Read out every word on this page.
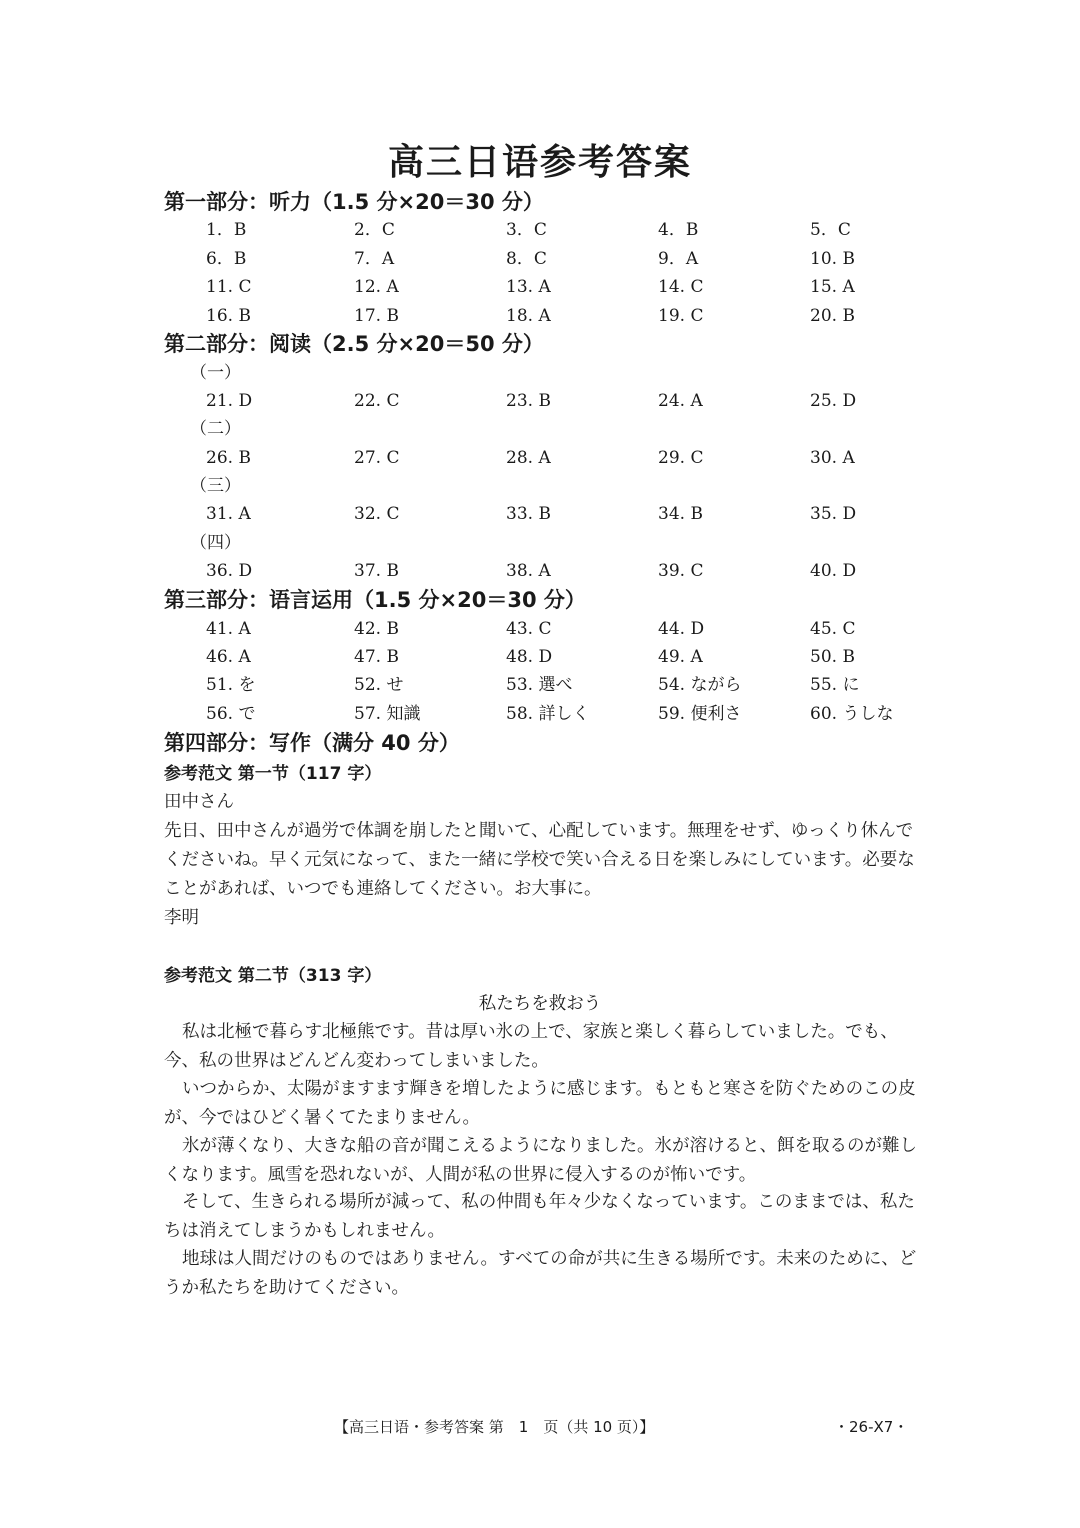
高三日语参考答案
第一部分：听力（1.5 分×20＝30 分）
1．B	2．C	3．C	4．B	5．C
6．B	7．A	8．C	9．A	10. B
11. C	12. A	13. A	14. C	15. A
16. B	17. B	18. A	19. C	20. B
第二部分：阅读（2.5 分×20＝50 分）
（一）
21. D	22. C	23. B	24. A	25. D
（二）
26. B	27. C	28. A	29. C	30. A
（三）
31. A	32. C	33. B	34. B	35. D
（四）
36. D	37. B	38. A	39. C	40. D
第三部分：语言运用（1.5 分×20＝30 分）
41. A	42. B	43. C	44. D	45. C
46. A	47. B	48. D	49. A	50. B
51. を	52. せ	53. 選べ	54. ながら	55. に
56. で	57. 知識	58. 詳しく	59. 便利さ	60. うしな
第四部分：写作（满分 40 分）
参考范文 第一节（117 字）

田中さん

先日、田中さんが過労で体調を崩したと聞いて、心配しています。無理をせず、ゆっくり休んでくださいね。早く元気になって、また一緒に学校で笑い合える日を楽しみにしています。必要なことがあれば、いつでも連絡してください。お大事に。

李明

参考范文 第二节（313 字）
私たちを救おう

私は北極で暮らす北極熊です。昔は厚い氷の上で、家族と楽しく暮らしていました。でも、今、私の世界はどんどん変わってしまいました。

いつからか、太陽がますます輝きを増したように感じます。もともと寒さを防ぐためのこの皮が、今ではひどく暑くてたまりません。

氷が薄くなり、大きな船の音が聞こえるようになりました。氷が溶けると、餌を取るのが難しくなります。風雪を恐れないが、人間が私の世界に侵入するのが怖いです。

そして、生きられる場所が減って、私の仲間も年々少なくなっています。このままでは、私たちは消えてしまうかもしれません。

地球は人間だけのものではありません。すべての命が共に生きる場所です。未来のために、どうか私たちを助けてください。

【高三日语・参考答案 第　1　页（共 10 页）】	・26-X7・
